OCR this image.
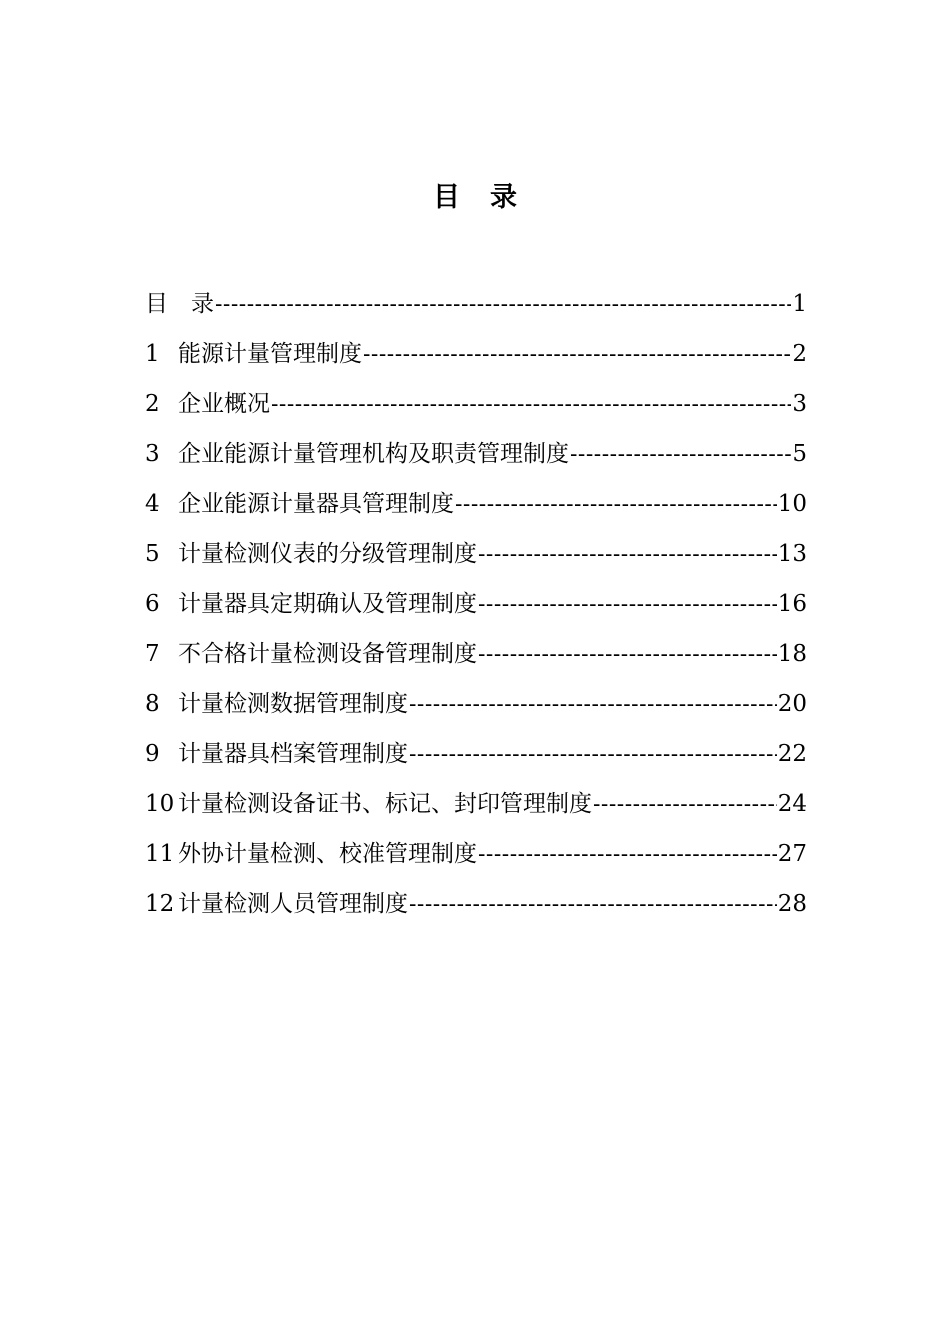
目 录
目　录 -----	1
1 能源计量管理制度 -----	2
2 企业概况 -----	3
3 企业能源计量管理机构及职责管理制度 -----	5
4 企业能源计量器具管理制度 -----	10
5 计量检测仪表的分级管理制度 -----	13
6 计量器具定期确认及管理制度 -----	16
7 不合格计量检测设备管理制度 -----	18
8 计量检测数据管理制度 -----	20
9 计量器具档案管理制度 -----	22
10 计量检测设备证书、标记、封印管理制度 -----	24
11 外协计量检测、校准管理制度 -----	27
12 计量检测人员管理制度 -----	28
